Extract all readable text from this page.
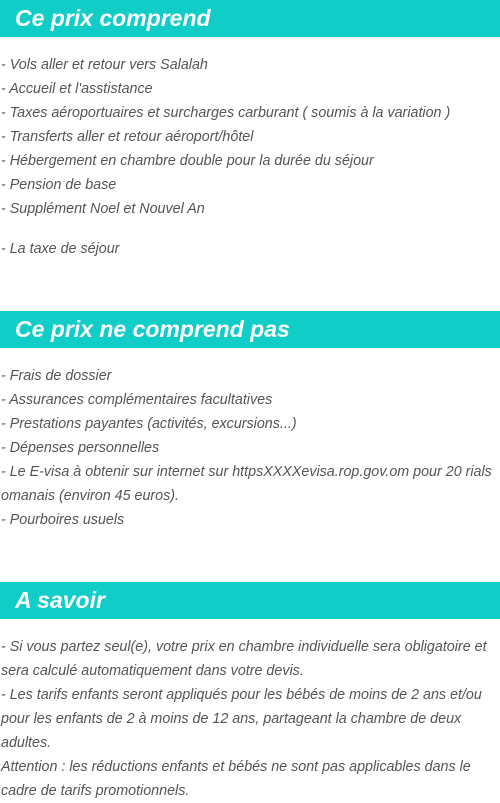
Ce prix comprend
- Vols aller et retour vers Salalah
- Accueil et l'asstistance
- Taxes aéroportuaires et surcharges carburant ( soumis à la variation )
- Transferts aller et retour aéroport/hôtel
- Hébergement en chambre double pour la durée du séjour
- Pension de base
- Supplément Noel et Nouvel An
- La taxe de séjour
Ce prix ne comprend pas
- Frais de dossier
- Assurances complémentaires facultatives
- Prestations payantes (activités, excursions...)
- Dépenses personnelles
- Le E-visa à obtenir sur internet sur httpsXXXXevisa.rop.gov.om pour 20 rials omanais (environ 45 euros).
- Pourboires usuels
A savoir
- Si vous partez seul(e), votre prix en chambre individuelle sera obligatoire et sera calculé automatiquement dans votre devis.
- Les tarifs enfants seront appliqués pour les bébés de moins de 2 ans et/ou pour les enfants de 2 à moins de 12 ans, partageant la chambre de deux adultes.
Attention : les réductions enfants et bébés ne sont pas applicables dans le cadre de tarifs promotionnels.
